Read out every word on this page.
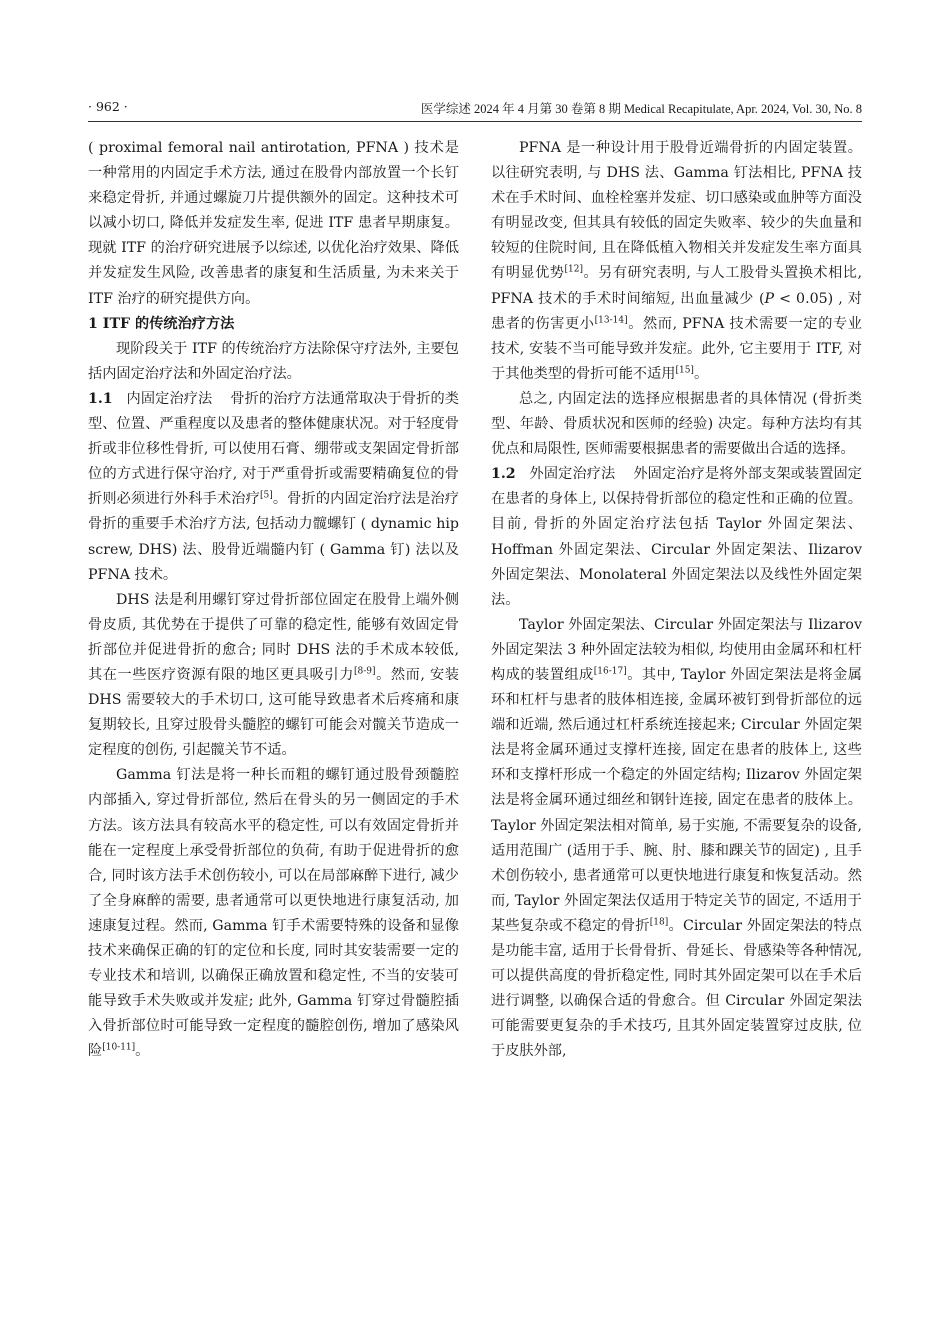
· 962 ·	医学综述 2024 年 4 月第 30 卷第 8 期 Medical Recapitulate, Apr. 2024, Vol. 30, No. 8

( proximal femoral nail antirotation, PFNA ) 技术是一种常用的内固定手术方法, 通过在股骨内部放置一个长钉来稳定骨折, 并通过螺旋刀片提供额外的固定。这种技术可以减小切口, 降低并发症发生率, 促进 ITF 患者早期康复。现就 ITF 的治疗研究进展予以综述, 以优化治疗效果、降低并发症发生风险, 改善患者的康复和生活质量, 为未来关于 ITF 治疗的研究提供方向。

1 ITF 的传统治疗方法

现阶段关于 ITF 的传统治疗方法除保守疗法外, 主要包括内固定治疗法和外固定治疗法。

1.1 内固定治疗法 骨折的治疗方法通常取决于骨折的类型、位置、严重程度以及患者的整体健康状况。对于轻度骨折或非位移性骨折, 可以使用石膏、绷带或支架固定骨折部位的方式进行保守治疗, 对于严重骨折或需要精确复位的骨折则必须进行外科手术治疗[5]。骨折的内固定治疗法是治疗骨折的重要手术治疗方法, 包括动力髋螺钉 ( dynamic hip screw, DHS) 法、股骨近端髓内钉 ( Gamma 钉) 法以及 PFNA 技术。

DHS 法是利用螺钉穿过骨折部位固定在股骨上端外侧骨皮质, 其优势在于提供了可靠的稳定性, 能够有效固定骨折部位并促进骨折的愈合; 同时 DHS 法的手术成本较低, 其在一些医疗资源有限的地区更具吸引力[8-9]。然而, 安装 DHS 需要较大的手术切口, 这可能导致患者术后疼痛和康复期较长, 且穿过股骨头髓腔的螺钉可能会对髋关节造成一定程度的创伤, 引起髋关节不适。

Gamma 钉法是将一种长而粗的螺钉通过股骨颈髓腔内部插入, 穿过骨折部位, 然后在骨头的另一侧固定的手术方法。该方法具有较高水平的稳定性, 可以有效固定骨折并能在一定程度上承受骨折部位的负荷, 有助于促进骨折的愈合, 同时该方法手术创伤较小, 可以在局部麻醉下进行, 减少了全身麻醉的需要, 患者通常可以更快地进行康复活动, 加速康复过程。然而, Gamma 钉手术需要特殊的设备和显像技术来确保正确的钉的定位和长度, 同时其安装需要一定的专业技术和培训, 以确保正确放置和稳定性, 不当的安装可能导致手术失败或并发症; 此外, Gamma 钉穿过骨髓腔插入骨折部位时可能导致一定程度的髓腔创伤, 增加了感染风险[10-11]。

PFNA 是一种设计用于股骨近端骨折的内固定装置。以往研究表明, 与 DHS 法、Gamma 钉法相比, PFNA 技术在手术时间、血栓栓塞并发症、切口感染或血肿等方面没有明显改变, 但其具有较低的固定失败率、较少的失血量和较短的住院时间, 且在降低植入物相关并发症发生率方面具有明显优势[12]。另有研究表明, 与人工股骨头置换术相比, PFNA 技术的手术时间缩短, 出血量减少 (P < 0.05) , 对患者的伤害更小[13-14]。然而, PFNA 技术需要一定的专业技术, 安装不当可能导致并发症。此外, 它主要用于 ITF, 对于其他类型的骨折可能不适用[15]。

总之, 内固定法的选择应根据患者的具体情况 (骨折类型、年龄、骨质状况和医师的经验) 决定。每种方法均有其优点和局限性, 医师需要根据患者的需要做出合适的选择。

1.2 外固定治疗法 外固定治疗是将外部支架或装置固定在患者的身体上, 以保持骨折部位的稳定性和正确的位置。目前, 骨折的外固定治疗法包括 Taylor 外固定架法、Hoffman 外固定架法、Circular 外固定架法、Ilizarov 外固定架法、Monolateral 外固定架法以及线性外固定架法。

Taylor 外固定架法、Circular 外固定架法与 Ilizarov 外固定架法 3 种外固定法较为相似, 均使用由金属环和杠杆构成的装置组成[16-17]。其中, Taylor 外固定架法是将金属环和杠杆与患者的肢体相连接, 金属环被钉到骨折部位的远端和近端, 然后通过杠杆系统连接起来; Circular 外固定架法是将金属环通过支撑杆连接, 固定在患者的肢体上, 这些环和支撑杆形成一个稳定的外固定结构; Ilizarov 外固定架法是将金属环通过细丝和钢针连接, 固定在患者的肢体上。Taylor 外固定架法相对简单, 易于实施, 不需要复杂的设备, 适用范围广 (适用于手、腕、肘、膝和踝关节的固定) , 且手术创伤较小, 患者通常可以更快地进行康复和恢复活动。然而, Taylor 外固定架法仅适用于特定关节的固定, 不适用于某些复杂或不稳定的骨折[18]。Circular 外固定架法的特点是功能丰富, 适用于长骨骨折、骨延长、骨感染等各种情况, 可以提供高度的骨折稳定性, 同时其外固定架可以在手术后进行调整, 以确保合适的骨愈合。但 Circular 外固定架法可能需要更复杂的手术技巧, 且其外固定装置穿过皮肤, 位于皮肤外部,
